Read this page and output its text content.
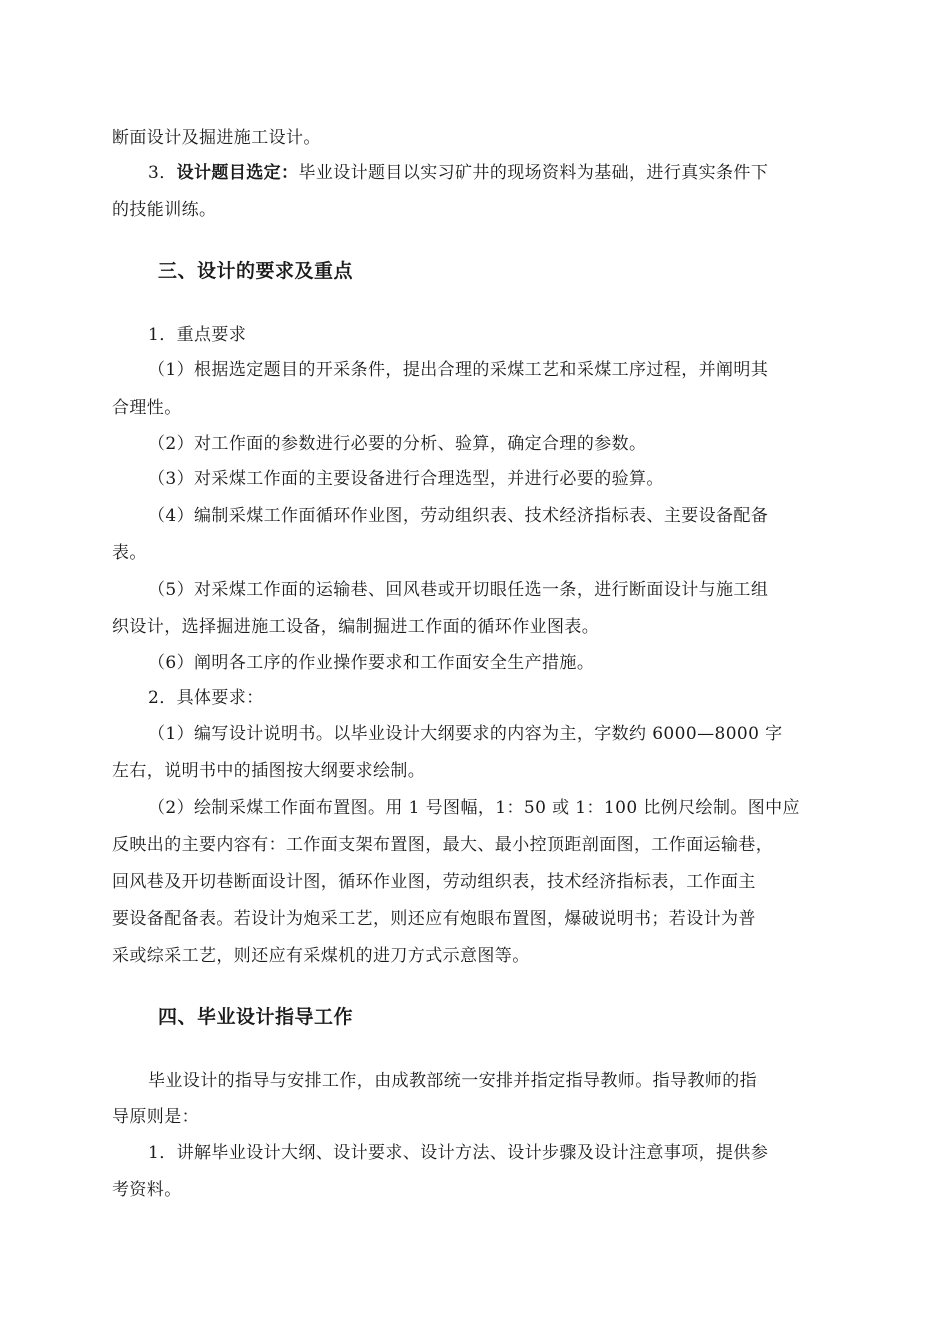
断面设计及掘进施工设计。
3．设计题目选定：毕业设计题目以实习矿井的现场资料为基础，进行真实条件下
的技能训练。
三、设计的要求及重点
1．重点要求
（1）根据选定题目的开采条件，提出合理的采煤工艺和采煤工序过程，并阐明其
合理性。
（2）对工作面的参数进行必要的分析、验算，确定合理的参数。
（3）对采煤工作面的主要设备进行合理选型，并进行必要的验算。
（4）编制采煤工作面循环作业图，劳动组织表、技术经济指标表、主要设备配备
表。
（5）对采煤工作面的运输巷、回风巷或开切眼任选一条，进行断面设计与施工组
织设计，选择掘进施工设备，编制掘进工作面的循环作业图表。
（6）阐明各工序的作业操作要求和工作面安全生产措施。
2．具体要求：
（1）编写设计说明书。以毕业设计大纲要求的内容为主，字数约 6000—8000 字
左右，说明书中的插图按大纲要求绘制。
（2）绘制采煤工作面布置图。用 1 号图幅，1：50 或 1：100 比例尺绘制。图中应
反映出的主要内容有：工作面支架布置图，最大、最小控顶距剖面图，工作面运输巷，
回风巷及开切巷断面设计图，循环作业图，劳动组织表，技术经济指标表，工作面主
要设备配备表。若设计为炮采工艺，则还应有炮眼布置图，爆破说明书；若设计为普
采或综采工艺，则还应有采煤机的进刀方式示意图等。
四、毕业设计指导工作
毕业设计的指导与安排工作，由成教部统一安排并指定指导教师。指导教师的指
导原则是：
1．讲解毕业设计大纲、设计要求、设计方法、设计步骤及设计注意事项，提供参
考资料。
